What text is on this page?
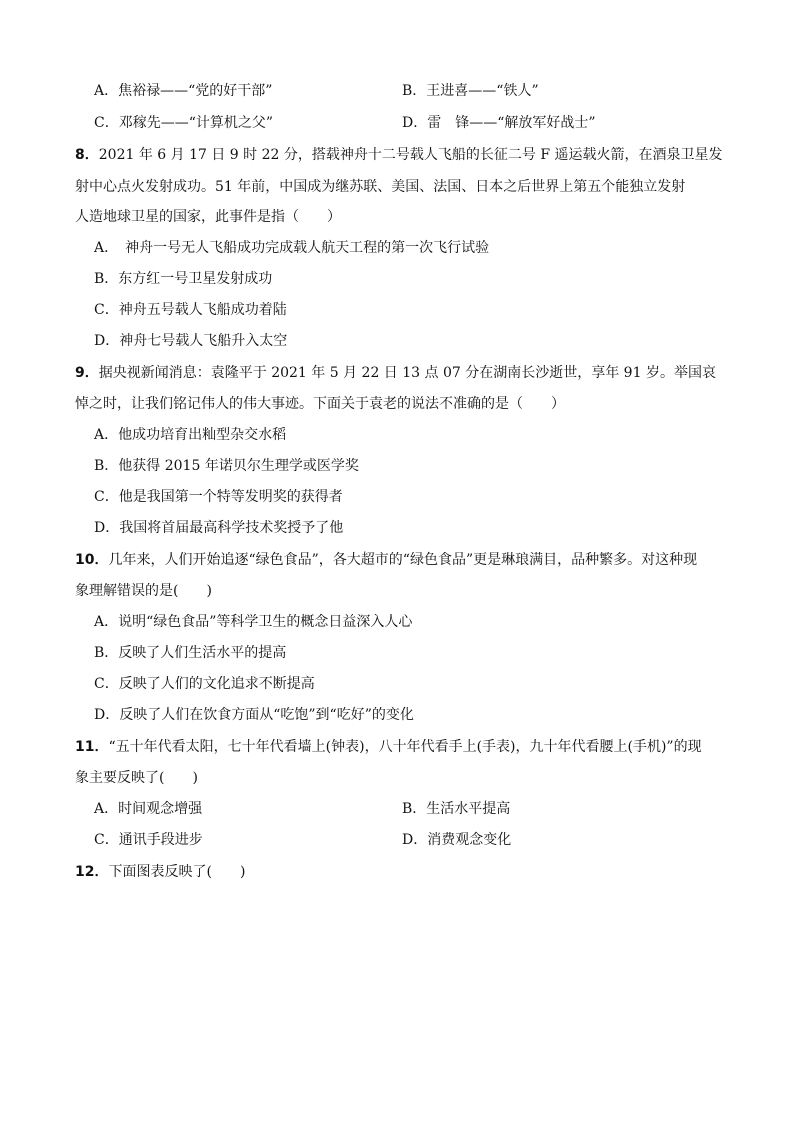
A．焦裕禄——“党的好干部”	B．王进喜——“铁人”
C．邓稼先——“计算机之父”	D．雷　锋——“解放军好战士”
8．2021 年 6 月 17 日 9 时 22 分，搭载神舟十二号载人飞船的长征二号 F 遥运载火箭，在酒泉卫星发
射中心点火发射成功。51 年前，中国成为继苏联、美国、法国、日本之后世界上第五个能独立发射
人造地球卫星的国家，此事件是指（　　）
A．　神舟一号无人飞船成功完成载人航天工程的第一次飞行试验
B．东方红一号卫星发射成功
C．神舟五号载人飞船成功着陆
D．神舟七号载人飞船升入太空
9．据央视新闻消息：袁隆平于 2021 年 5 月 22 日 13 点 07 分在湖南长沙逝世，享年 91 岁。举国哀
悼之时，让我们铭记伟人的伟大事迹。下面关于袁老的说法不准确的是（　　）
A．他成功培育出籼型杂交水稻
B．他获得 2015 年诺贝尔生理学或医学奖
C．他是我国第一个特等发明奖的获得者
D．我国将首届最高科学技术奖授予了他
10．几年来，人们开始追逐“绿色食品”，各大超市的“绿色食品”更是琳琅满目，品种繁多。对这种现
象理解错误的是(　　)
A．说明“绿色食品”等科学卫生的概念日益深入人心
B．反映了人们生活水平的提高
C．反映了人们的文化追求不断提高
D．反映了人们在饮食方面从“吃饱”到“吃好”的变化
11．“五十年代看太阳，七十年代看墙上(钟表)，八十年代看手上(手表)，九十年代看腰上(手机)”的现
象主要反映了(　　)
A．时间观念增强	B．生活水平提高
C．通讯手段进步	D．消费观念变化
12．下面图表反映了(　　)
